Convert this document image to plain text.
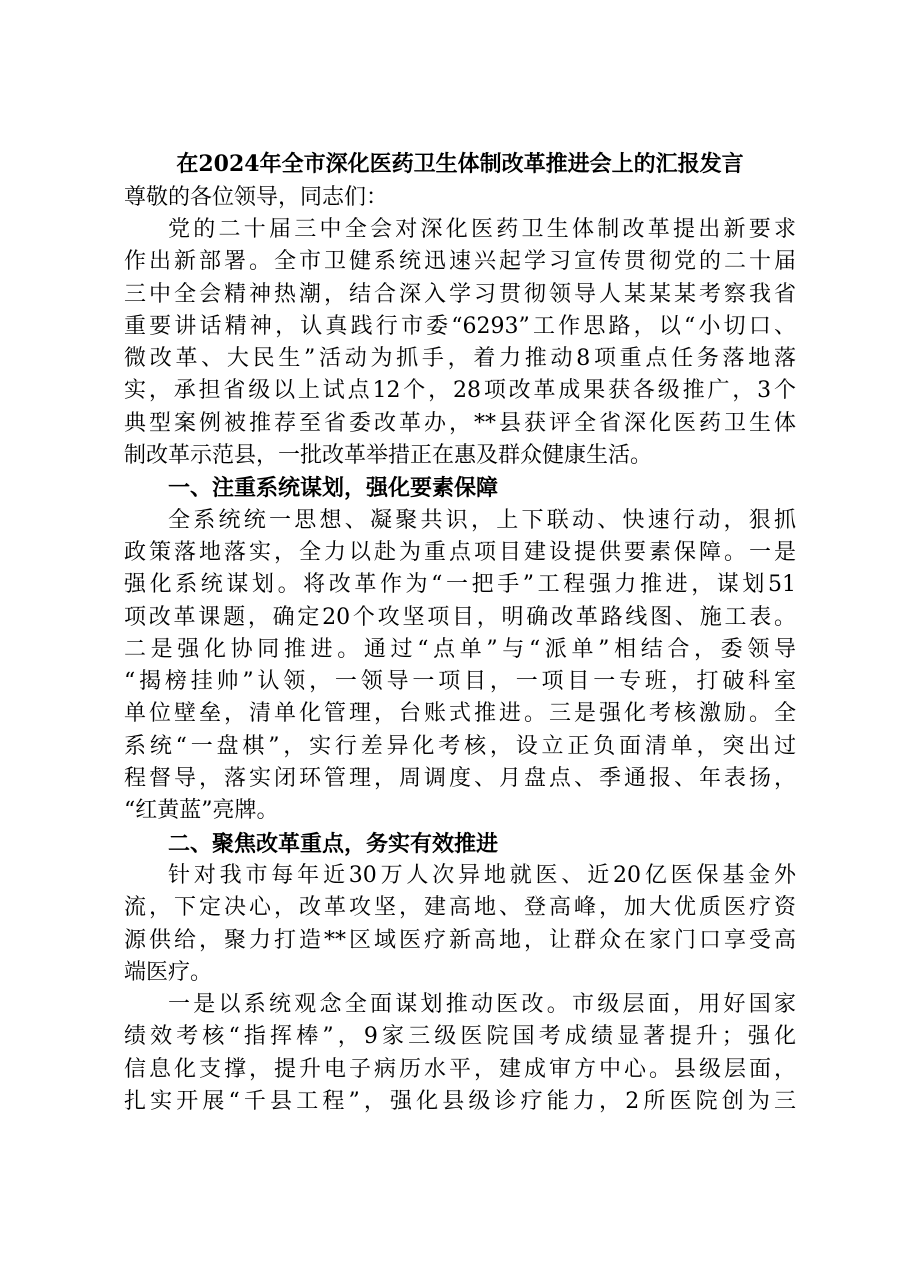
在2024年全市深化医药卫生体制改革推进会上的汇报发言

尊敬的各位领导，同志们：

党的二十届三中全会对深化医药卫生体制改革提出新要求
作出新部署。全市卫健系统迅速兴起学习宣传贯彻党的二十届
三中全会精神热潮，结合深入学习贯彻领导人某某某考察我省
重要讲话精神，认真践行市委“6293”工作思路，以“小切口、
微改革、大民生”活动为抓手，着力推动8项重点任务落地落
实，承担省级以上试点12个，28项改革成果获各级推广，3个
典型案例被推荐至省委改革办，**县获评全省深化医药卫生体
制改革示范县，一批改革举措正在惠及群众健康生活。
一、注重系统谋划，强化要素保障
全系统统一思想、凝聚共识，上下联动、快速行动，狠抓
政策落地落实，全力以赴为重点项目建设提供要素保障。一是
强化系统谋划。将改革作为“一把手”工程强力推进，谋划51
项改革课题，确定20个攻坚项目，明确改革路线图、施工表。
二是强化协同推进。通过“点单”与“派单”相结合，委领导
“揭榜挂帅”认领，一领导一项目，一项目一专班，打破科室
单位壁垒，清单化管理，台账式推进。三是强化考核激励。全
系统“一盘棋”，实行差异化考核，设立正负面清单，突出过
程督导，落实闭环管理，周调度、月盘点、季通报、年表扬，
“红黄蓝”亮牌。
二、聚焦改革重点，务实有效推进
针对我市每年近30万人次异地就医、近20亿医保基金外
流，下定决心，改革攻坚，建高地、登高峰，加大优质医疗资
源供给，聚力打造**区域医疗新高地，让群众在家门口享受高
端医疗。
一是以系统观念全面谋划推动医改。市级层面，用好国家
绩效考核“指挥棒”，9家三级医院国考成绩显著提升；强化
信息化支撑，提升电子病历水平，建成审方中心。县级层面，
扎实开展“千县工程”，强化县级诊疗能力，2所医院创为三
